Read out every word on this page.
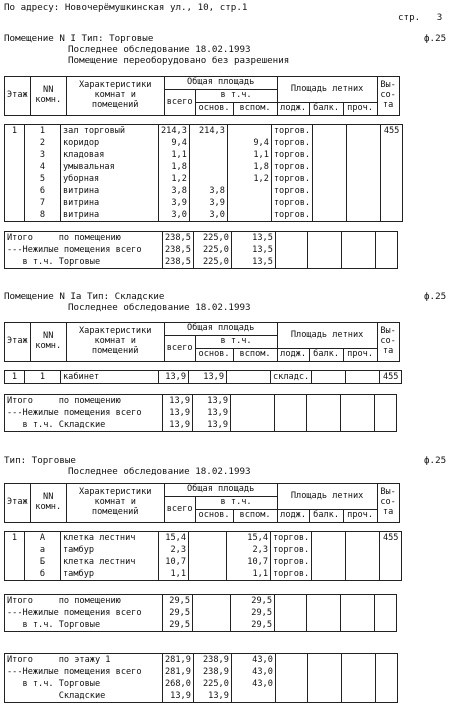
По адресу: Новочерёмушкинская ул., 10, стр.1
стр.   3
Помещение N I Тип: Торговые	ф.25
Последнее обследование 18.02.1993
Помещение переоборудовано без разрешения
Этаж	NN
комн.	Характеристики
комнат и
помещений	Общая площадь			Площадь летних			Вы-
со-
та
			всего	в т.ч.					
				основ.	вспом.	лодж.	балк.	проч.	
1	1	зал торговый	214,3	214,3		торгов.			455
	2	коридор	9,4		9,4	торгов.			
	3	кладовая	1,1		1,1	торгов.			
	4	умывальная	1,8		1,8	торгов.			
	5	уборная	1,2		1,2	торгов.			
	6	витрина	3,8	3,8		торгов.			
	7	витрина	3,9	3,9		торгов.			
	8	витрина	3,0	3,0		торгов.			
Итого     по помещению	238,5	225,0	13,5				
---Нежилые помещения всего	238,5	225,0	13,5				
в т.ч. Торговые	238,5	225,0	13,5				
Помещение N Ia Тип: Складские	ф.25
Последнее обследование 18.02.1993
Этаж	NN
комн.	Характеристики
комнат и
помещений	Общая площадь			Площадь летних			Вы-
со-
та
			всего	в т.ч.					
				основ.	вспом.	лодж.	балк.	проч.	
1	1	кабинет	13,9	13,9		складс.			455
Итого     по помещению	13,9	13,9					
---Нежилые помещения всего	13,9	13,9					
в т.ч. Складские	13,9	13,9					
Тип: Торговые	ф.25
Последнее обследование 18.02.1993
Этаж	NN
комн.	Характеристики
комнат и
помещений	Общая площадь			Площадь летних			Вы-
со-
та
			всего	в т.ч.					
				основ.	вспом.	лодж.	балк.	проч.	
1	А	клетка лестнич	15,4		15,4	торгов.			455
	а	тамбур	2,3		2,3	торгов.			
	Б	клетка лестнич	10,7		10,7	торгов.			
	б	тамбур	1,1		1,1	торгов.			
Итого     по помещению	29,5		29,5				
---Нежилые помещения всего	29,5		29,5				
в т.ч. Торговые	29,5		29,5				
Итого     по этажу 1	281,9	238,9	43,0				
---Нежилые помещения всего	281,9	238,9	43,0				
в т.ч. Торговые	268,0	225,0	43,0				
Складские	13,9	13,9					
